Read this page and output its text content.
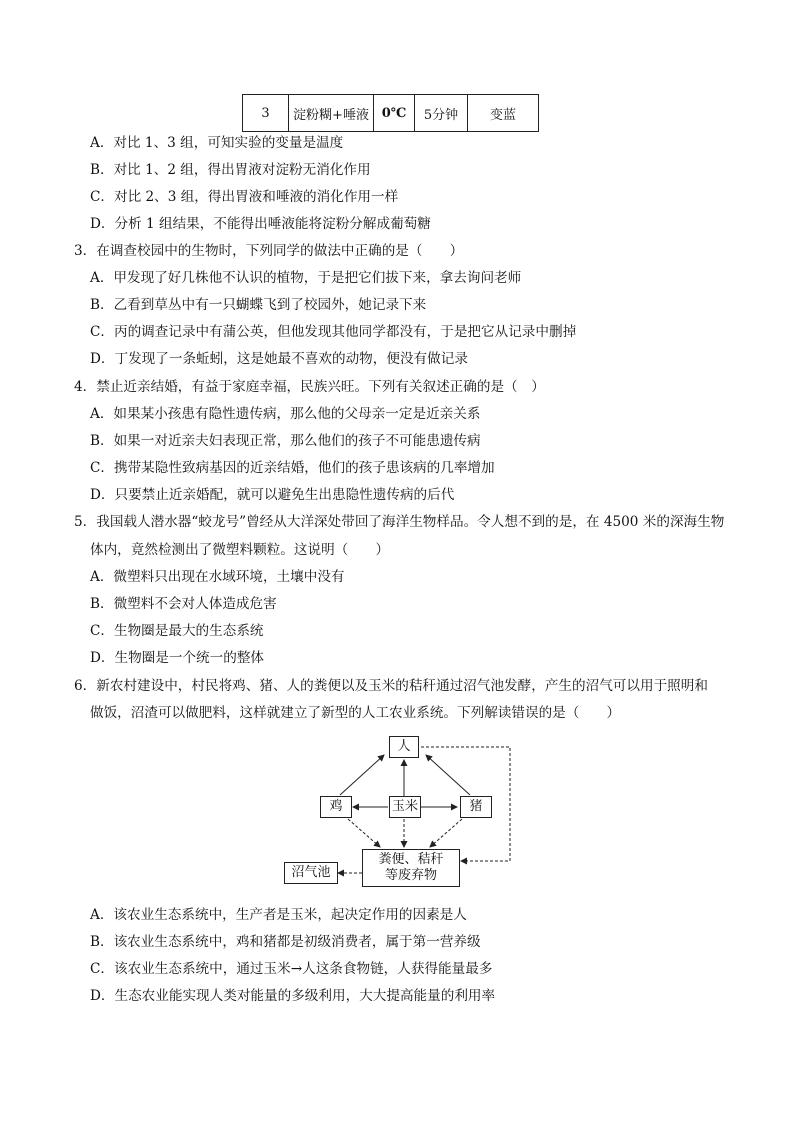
3	淀粉糊+唾液	0℃	5分钟	变蓝
A．对比 1、3 组，可知实验的变量是温度
B．对比 1、2 组，得出胃液对淀粉无消化作用
C．对比 2、3 组，得出胃液和唾液的消化作用一样
D．分析 1 组结果，不能得出唾液能将淀粉分解成葡萄糖
3．在调查校园中的生物时，下列同学的做法中正确的是（　　）
A．甲发现了好几株他不认识的植物，于是把它们拔下来，拿去询问老师
B．乙看到草丛中有一只蝴蝶飞到了校园外，她记录下来
C．丙的调查记录中有蒲公英，但他发现其他同学都没有，于是把它从记录中删掉
D．丁发现了一条蚯蚓，这是她最不喜欢的动物，便没有做记录
4．禁止近亲结婚，有益于家庭幸福，民族兴旺。下列有关叙述正确的是（　）
A．如果某小孩患有隐性遗传病，那么他的父母亲一定是近亲关系
B．如果一对近亲夫妇表现正常，那么他们的孩子不可能患遗传病
C．携带某隐性致病基因的近亲结婚，他们的孩子患该病的几率增加
D．只要禁止近亲婚配，就可以避免生出患隐性遗传病的后代
5．我国载人潜水器“蛟龙号”曾经从大洋深处带回了海洋生物样品。令人想不到的是，在 4500 米的深海生物
体内，竟然检测出了微塑料颗粒。这说明（　　）
A．微塑料只出现在水域环境，土壤中没有
B．微塑料不会对人体造成危害
C．生物圈是最大的生态系统
D．生物圈是一个统一的整体
6．新农村建设中，村民将鸡、猪、人的粪便以及玉米的秸秆通过沼气池发酵，产生的沼气可以用于照明和
做饭，沼渣可以做肥料，这样就建立了新型的人工农业系统。下列解读错误的是（　　）
人
鸡	玉米	猪
粪便、秸秆等废弃物
沼气池
A．该农业生态系统中，生产者是玉米，起决定作用的因素是人
B．该农业生态系统中，鸡和猪都是初级消费者，属于第一营养级
C．该农业生态系统中，通过玉米→人这条食物链，人获得能量最多
D．生态农业能实现人类对能量的多级利用，大大提高能量的利用率
